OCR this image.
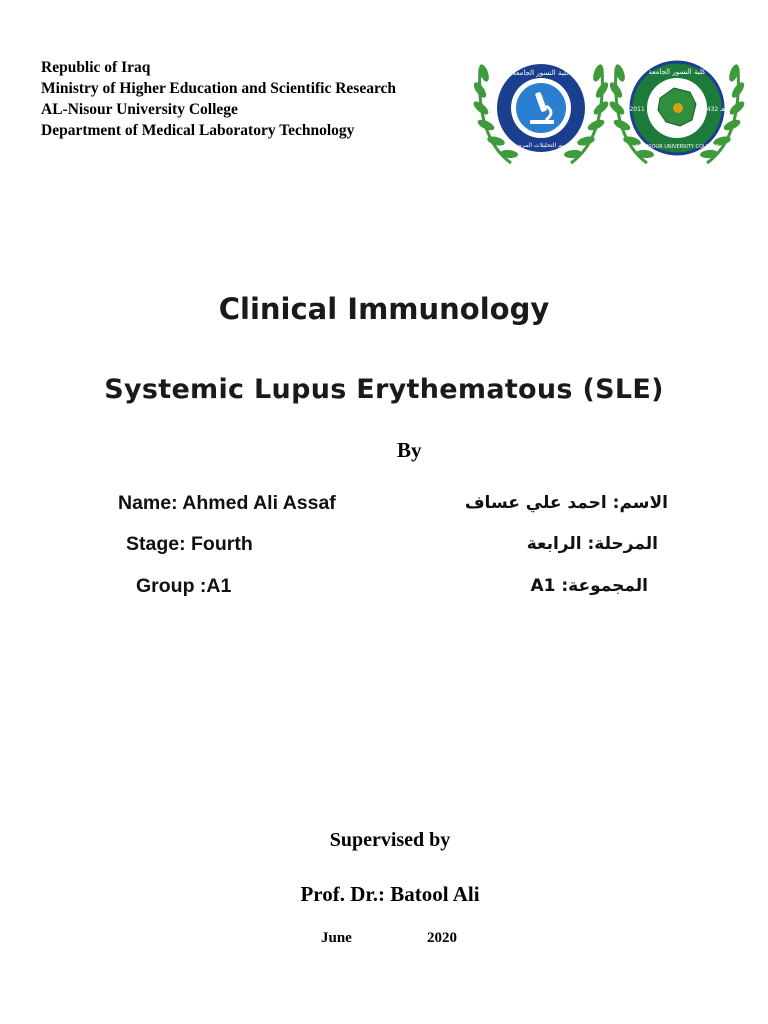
Republic of Iraq
Ministry of Higher Education and Scientific Research
AL-Nisour University College
Department of Medical Laboratory Technology
كلية النسور الجامعة
قسم التحليلات المرضية
2011 م	1432 هـ
كلية النسور الجامعة
AL-NISOUR UNIVERSITY COLLEGE
Clinical Immunology
Systemic Lupus Erythematous (SLE)
By
Name: Ahmed Ali Assaf
Stage: Fourth
Group :A1
الاسم: احمد علي عساف
المرحلة: الرابعة
المجموعة: A1
Supervised by
Prof. Dr.: Batool Ali
June	2020
